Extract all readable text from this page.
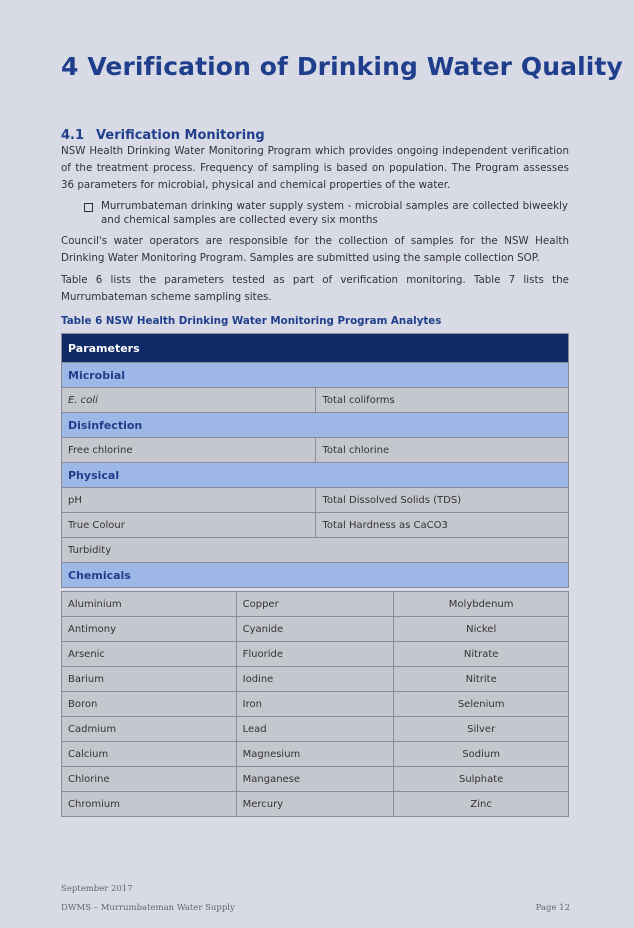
4 Verification of Drinking Water Quality
4.1 Verification Monitoring
NSW Health Drinking Water Monitoring Program which provides ongoing independent verification of the treatment process. Frequency of sampling is based on population. The Program assesses 36 parameters for microbial, physical and chemical properties of the water.
Murrumbateman drinking water supply system - microbial samples are collected biweekly and chemical samples are collected every six months
Council's water operators are responsible for the collection of samples for the NSW Health Drinking Water Monitoring Program. Samples are submitted using the sample collection SOP.
Table 6 lists the parameters tested as part of verification monitoring. Table 7 lists the Murrumbateman scheme sampling sites.
Table 6 NSW Health Drinking Water Monitoring Program Analytes
Parameters	
Microbial	
E. coli	Total coliforms
Disinfection	
Free chlorine	Total chlorine
Physical	
pH	Total Dissolved Solids (TDS)
True Colour	Total Hardness as CaCO3
Turbidity	
Chemicals	
Aluminium	Copper	Molybdenum
Antimony	Cyanide	Nickel
Arsenic	Fluoride	Nitrate
Barium	Iodine	Nitrite
Boron	Iron	Selenium
Cadmium	Lead	Silver
Calcium	Magnesium	Sodium
Chlorine	Manganese	Sulphate
Chromium	Mercury	Zinc
September 2017
DWMS – Murrumbateman Water Supply	Page 12
